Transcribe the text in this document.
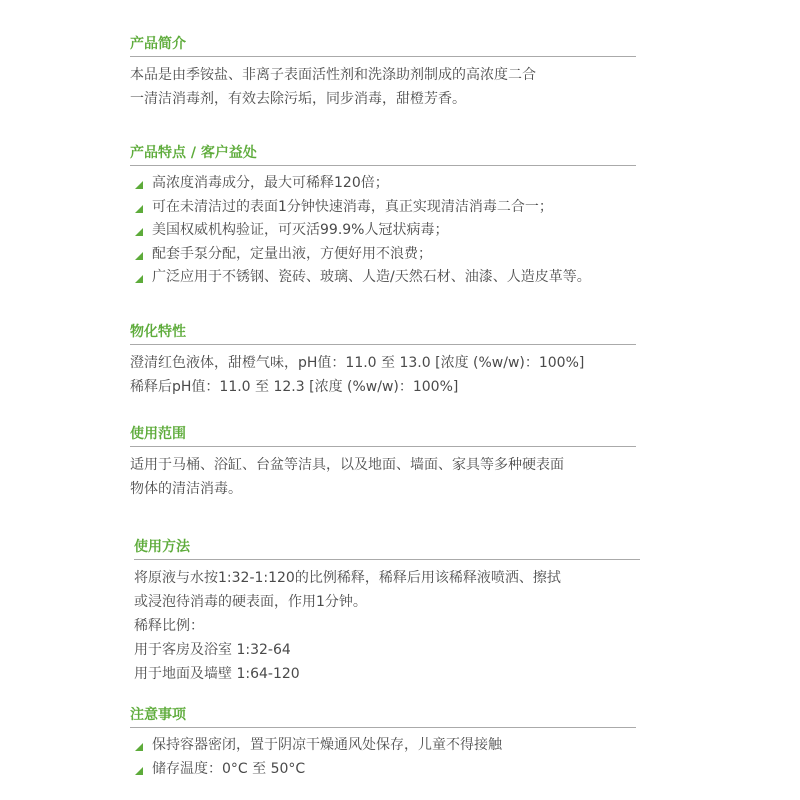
产品简介
本品是由季铵盐、非离子表面活性剂和洗涤助剂制成的高浓度二合
一清洁消毒剂，有效去除污垢，同步消毒，甜橙芳香。
产品特点 / 客户益处
高浓度消毒成分，最大可稀释120倍；
可在未清洁过的表面1分钟快速消毒，真正实现清洁消毒二合一；
美国权威机构验证，可灭活99.9%人冠状病毒；
配套手泵分配，定量出液，方便好用不浪费；
广泛应用于不锈钢、瓷砖、玻璃、人造/天然石材、油漆、人造皮革等。
物化特性
澄清红色液体，甜橙气味，pH值：11.0 至 13.0 [浓度 (%w/w)：100%]
稀释后pH值：11.0 至 12.3 [浓度 (%w/w)：100%]
使用范围
适用于马桶、浴缸、台盆等洁具，以及地面、墙面、家具等多种硬表面
物体的清洁消毒。
使用方法
将原液与水按1:32-1:120的比例稀释，稀释后用该稀释液喷洒、擦拭
或浸泡待消毒的硬表面，作用1分钟。
稀释比例：
用于客房及浴室 1:32-64
用于地面及墙壁 1:64-120
注意事项
保持容器密闭，置于阴凉干燥通风处保存，儿童不得接触
储存温度：0°C 至 50°C
